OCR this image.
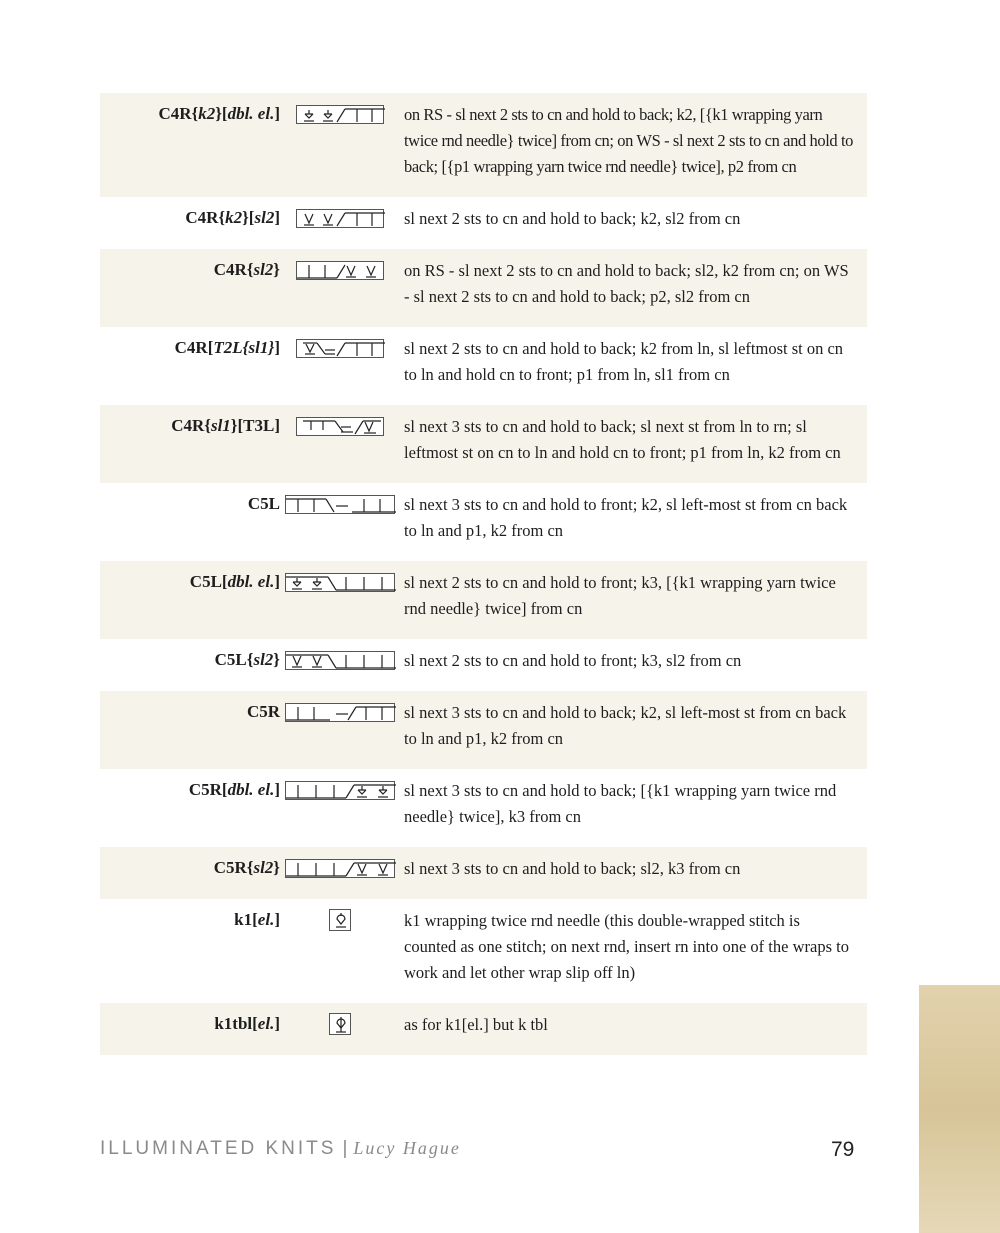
C4R{k2}[dbl. el.]	on RS - sl next 2 sts to cn and hold to back; k2, [{k1 wrapping yarn twice rnd needle} twice] from cn; on WS - sl next 2 sts to cn and hold to back; [{p1 wrapping yarn twice rnd needle} twice], p2 from cn
C4R{k2}[sl2]	sl next 2 sts to cn and hold to back; k2, sl2 from cn
C4R{sl2}	on RS - sl next 2 sts to cn and hold to back; sl2, k2 from cn; on WS - sl next 2 sts to cn and hold to back; p2, sl2 from cn
C4R[T2L{sl1}]	sl next 2 sts to cn and hold to back; k2 from ln, sl leftmost st on cn to ln and hold cn to front; p1 from ln, sl1 from cn
C4R{sl1}[T3L]	sl next 3 sts to cn and hold to back; sl next st from ln to rn; sl leftmost st on cn to ln and hold cn to front; p1 from ln, k2 from cn
C5L	sl next 3 sts to cn and hold to front; k2, sl left-most st from cn back to ln and p1, k2 from cn
C5L[dbl. el.]	sl next 2 sts to cn and hold to front; k3, [{k1 wrapping yarn twice rnd needle} twice] from cn
C5L{sl2}	sl next 2 sts to cn and hold to front; k3, sl2 from cn
C5R	sl next 3 sts to cn and hold to back; k2, sl left-most st from cn back to ln and p1, k2 from cn
C5R[dbl. el.]	sl next 3 sts to cn and hold to back; [{k1 wrapping yarn twice rnd needle} twice], k3 from cn
C5R{sl2}	sl next 3 sts to cn and hold to back; sl2, k3 from cn
k1[el.]	k1 wrapping twice rnd needle (this double-wrapped stitch is counted as one stitch; on next rnd, insert rn into one of the wraps to work and let other wrap slip off ln)
k1tbl[el.]	as for k1[el.] but k tbl
ILLUMINATED KNITS | Lucy Hague	79
CHART KEY
